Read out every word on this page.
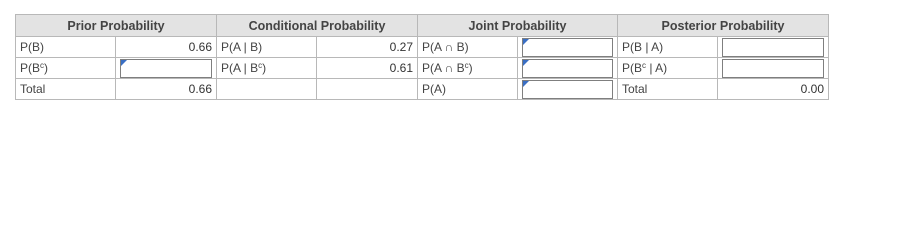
Prior Probability		Conditional Probability		Joint Probability		Posterior Probability	
P(B)	0.66	P(A | B)	0.27	P(A ∩ B)		P(B | A)	

$P(B^c)$		P(A | $B^c$)	0.61	P(A ∩ $B^c$)		$P(B^c$ | A)	

Total	0.66			P(A)		Total	0.00
